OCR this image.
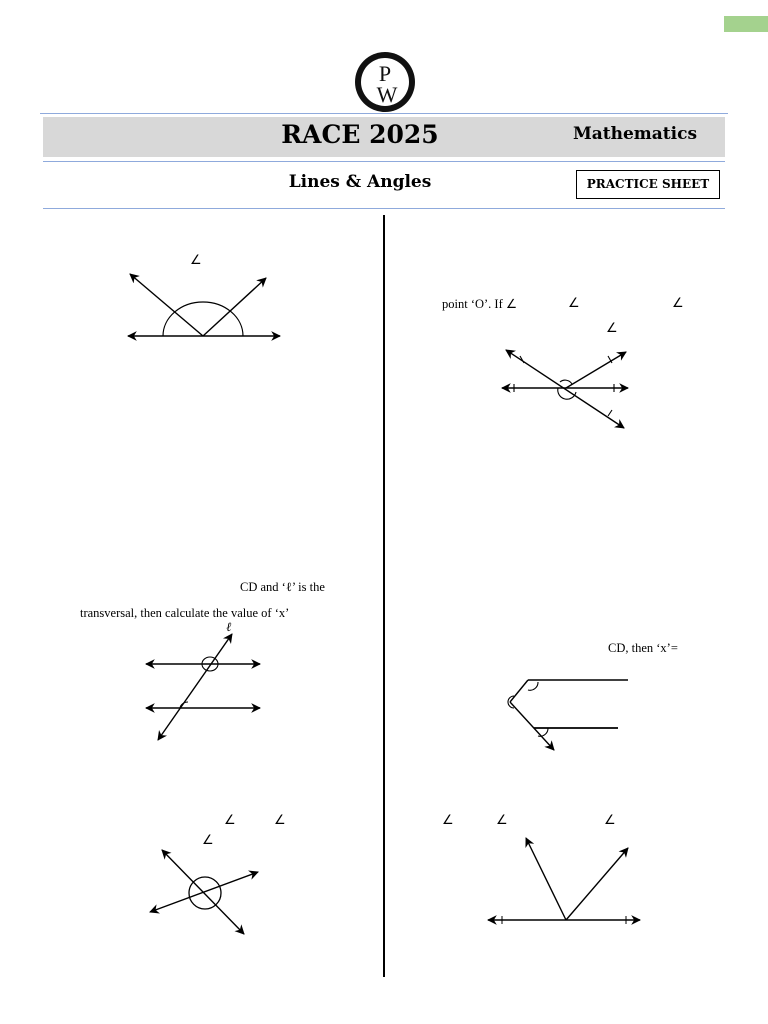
P
W
RACE 2025	Mathematics
Lines & Angles	PRACTICE SHEET
∠
CD and ‘ℓ’ is the
transversal, then calculate the value of ‘x’
ℓ
∠	∠
∠
point ‘O’. If ∠	∠	∠
∠
CD, then ‘x’=
∠	∠	∠
